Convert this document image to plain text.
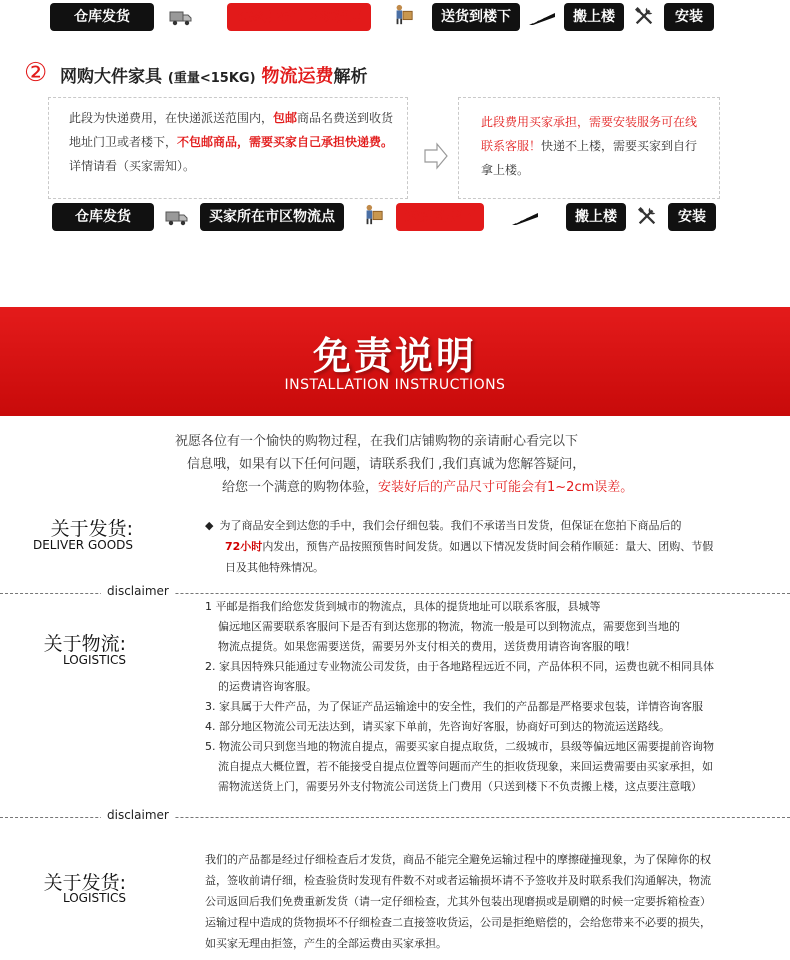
仓库发货	买家所在市区物流点	送货到楼下	搬上楼	安装
② 网购大件家具 (重量<15KG) 物流运费解析
此段为快递费用，在快递派送范围内，包邮商品名费送到收货地址门卫或者楼下，不包邮商品，需要买家自己承担快递费。详情请看（买家需知）。
此段费用买家承担，需要安装服务可在线联系客服！快递不上楼，需要买家到自行拿上楼。
仓库发货	买家所在市区物流点	送货到楼下	搬上楼	安装
免责说明
INSTALLATION INSTRUCTIONS
祝愿各位有一个愉快的购物过程，在我们店铺购物的亲请耐心看完以下
信息哦，如果有以下任何问题，请联系我们 ,我们真诚为您解答疑问，
给您一个满意的购物体验，安装好后的产品尺寸可能会有1~2cm误差。
关于发货:
DELIVER GOODS
◆ 为了商品安全到达您的手中，我们会仔细包装。我们不承诺当日发货，但保证在您拍下商品后的
72小时内发出，预售产品按照预售时间发货。如遇以下情况发货时间会稍作顺延：量大、团购、节假
日及其他特殊情况。
disclaimer
关于物流:
LOGISTICS
1 平邮是指我们给您发货到城市的物流点，具体的提货地址可以联系客服，县城等
偏远地区需要联系客服问下是否有到达您那的物流，物流一般是可以到物流点，需要您到当地的
物流点提货。如果您需要送货，需要另外支付相关的费用，送货费用请咨询客服的哦！
2. 家具因特殊只能通过专业物流公司发货，由于各地路程远近不同，产品体积不同，运费也就不相同具体
的运费请咨询客服。
3. 家具属于大件产品，为了保证产品运输途中的安全性，我们的产品都是严格要求包装，详情咨询客服
4. 部分地区物流公司无法达到，请买家下单前，先咨询好客服，协商好可到达的物流运送路线。
5. 物流公司只到您当地的物流自提点，需要买家自提点取货，二级城市，县级等偏远地区需要提前咨询物
流自提点大概位置，若不能接受自提点位置等问题而产生的拒收货现象，来回运费需要由买家承担，如
需物流送货上门，需要另外支付物流公司送货上门费用（只送到楼下不负责搬上楼，这点要注意哦）
disclaimer
关于发货:
LOGISTICS
我们的产品都是经过仔细检查后才发货，商品不能完全避免运输过程中的摩擦碰撞现象，为了保障你的权
益，签收前请仔细，检查验货时发现有件数不对或者运输损坏请不予签收并及时联系我们沟通解决，物流
公司返回后我们免费重新发货（请一定仔细检查，尤其外包装出现磨损或是刷赠的时候一定要拆箱检查）
运输过程中造成的货物损坏不仔细检查二直接签收货运，公司是拒绝赔偿的，会给您带来不必要的损失，
如买家无理由拒签，产生的全部运费由买家承担。
